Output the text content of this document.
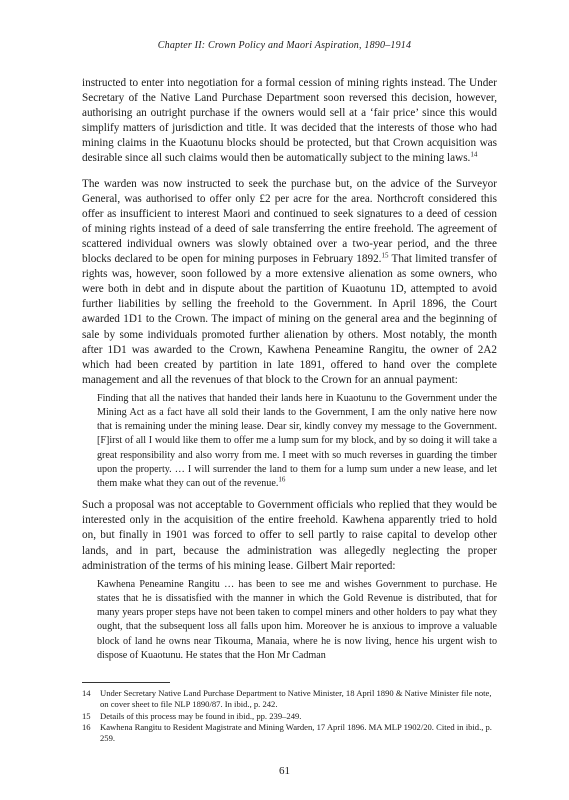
Chapter II: Crown Policy and Maori Aspiration, 1890–1914

instructed to enter into negotiation for a formal cession of mining rights instead. The Under Secretary of the Native Land Purchase Department soon reversed this decision, however, authorising an outright purchase if the owners would sell at a ‘fair price’ since this would simplify matters of jurisdiction and title. It was decided that the interests of those who had mining claims in the Kuaotunu blocks should be protected, but that Crown acquisition was desirable since all such claims would then be automatically subject to the mining laws.$^{14}$

The warden was now instructed to seek the purchase but, on the advice of the Surveyor General, was authorised to offer only £2 per acre for the area. Northcroft considered this offer as insufficient to interest Maori and continued to seek signatures to a deed of cession of mining rights instead of a deed of sale transferring the entire freehold. The agreement of scattered individual owners was slowly obtained over a two-year period, and the three blocks declared to be open for mining purposes in February 1892.15 That limited transfer of rights was, however, soon followed by a more extensive alienation as some owners, who were both in debt and in dispute about the partition of Kuaotunu 1D, attempted to avoid further liabilities by selling the freehold to the Government. In April 1896, the Court awarded 1D1 to the Crown. The impact of mining on the general area and the beginning of sale by some individuals promoted further alienation by others. Most notably, the month after 1D1 was awarded to the Crown, Kawhena Peneamine Rangitu, the owner of 2A2 which had been created by partition in late 1891, offered to hand over the complete management and all the revenues of that block to the Crown for an annual payment:

Finding that all the natives that handed their lands here in Kuaotunu to the Government under the Mining Act as a fact have all sold their lands to the Government, I am the only native here now that is remaining under the mining lease. Dear sir, kindly convey my message to the Government. [F]irst of all I would like them to offer me a lump sum for my block, and by so doing it will take a great responsibility and also worry from me. I meet with so much reverses in guarding the timber upon the property. … I will surrender the land to them for a lump sum under a new lease, and let them make what they can out of the revenue.$^{16}$

Such a proposal was not acceptable to Government officials who replied that they would be interested only in the acquisition of the entire freehold. Kawhena apparently tried to hold on, but finally in 1901 was forced to offer to sell partly to raise capital to develop other lands, and in part, because the administration was allegedly neglecting the proper administration of the terms of his mining lease. Gilbert Mair reported:

Kawhena Peneamine Rangitu … has been to see me and wishes Government to purchase. He states that he is dissatisfied with the manner in which the Gold Revenue is distributed, that for many years proper steps have not been taken to compel miners and other holders to pay what they ought, that the subsequent loss all falls upon him. Moreover he is anxious to improve a valuable block of land he owns near Tikouma, Manaia, where he is now living, hence his urgent wish to dispose of Kuaotunu. He states that the Hon Mr Cadman
14	Under Secretary Native Land Purchase Department to Native Minister, 18 April 1890 & Native Minister file note, on cover sheet to file NLP 1890/87. In ibid., p. 242.
15	Details of this process may be found in ibid., pp. 239–249.
16	Kawhena Rangitu to Resident Magistrate and Mining Warden, 17 April 1896. MA MLP 1902/20. Cited in ibid., p. 259.
61
